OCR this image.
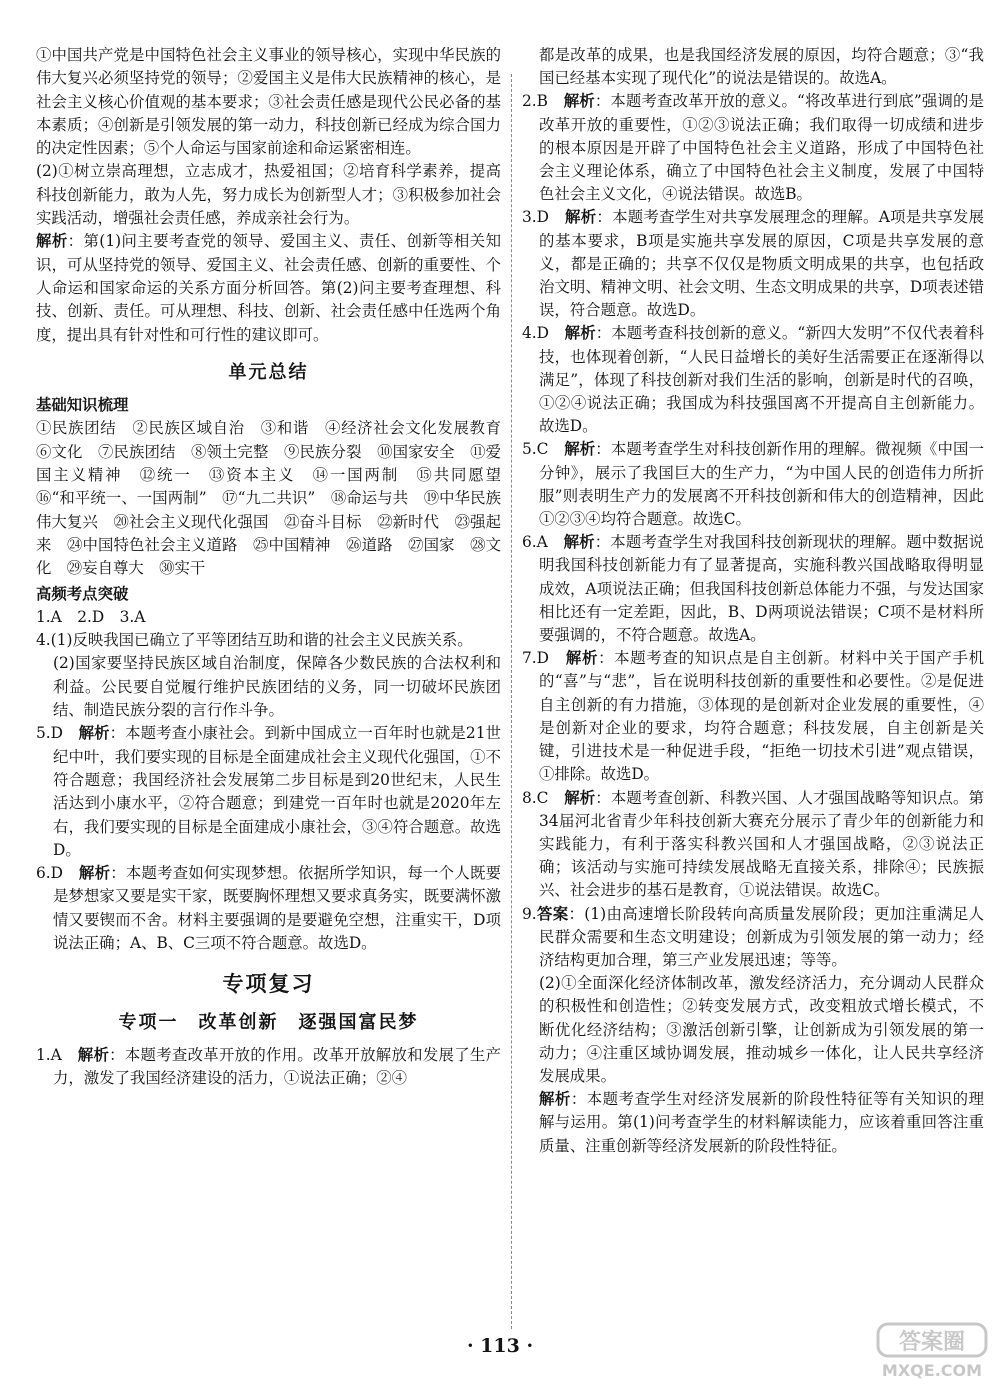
①中国共产党是中国特色社会主义事业的领导核心，实现中华民族的伟大复兴必须坚持党的领导；②爱国主义是伟大民族精神的核心，是社会主义核心价值观的基本要求；③社会责任感是现代公民必备的基本素质；④创新是引领发展的第一动力，科技创新已经成为综合国力的决定性因素；⑤个人命运与国家前途和命运紧密相连。

(2)①树立崇高理想，立志成才，热爱祖国；②培育科学素养，提高科技创新能力，敢为人先，努力成长为创新型人才；③积极参加社会实践活动，增强社会责任感，养成亲社会行为。

解析：第(1)问主要考查党的领导、爱国主义、责任、创新等相关知识，可从坚持党的领导、爱国主义、社会责任感、创新的重要性、个人命运和国家命运的关系方面分析回答。第(2)问主要考查理想、科技、创新、责任。可从理想、科技、创新、社会责任感中任选两个角度，提出具有针对性和可行性的建议即可。

单元总结
基础知识梳理

①民族团结　②民族区域自治　③和谐　④经济社会文化发展教育　⑥文化　⑦民族团结　⑧领土完整　⑨民族分裂　⑩国家安全　⑪爱国主义精神　⑫统一　⑬资本主义　⑭一国两制　⑮共同愿望　⑯“和平统一、一国两制”　⑰“九二共识”　⑱命运与共　⑲中华民族伟大复兴　⑳社会主义现代化强国　㉑奋斗目标　㉒新时代　㉓强起来　㉔中国特色社会主义道路　㉕中国精神　㉖道路　㉗国家　㉘文化　㉙妄自尊大　㉚实干

高频考点突破

1.A　2.D　3.A

4.(1)反映我国已确立了平等团结互助和谐的社会主义民族关系。

(2)国家要坚持民族区域自治制度，保障各少数民族的合法权利和利益。公民要自觉履行维护民族团结的义务，同一切破坏民族团结、制造民族分裂的言行作斗争。

5.D　解析：本题考查小康社会。到新中国成立一百年时也就是21世纪中叶，我们要实现的目标是全面建成社会主义现代化强国，①不符合题意；我国经济社会发展第二步目标是到20世纪末，人民生活达到小康水平，②符合题意；到建党一百年时也就是2020年左右，我们要实现的目标是全面建成小康社会，③④符合题意。故选D。

6.D　解析：本题考查如何实现梦想。依据所学知识，每一个人既要是梦想家又要是实干家，既要胸怀理想又要求真务实，既要满怀激情又要锲而不舍。材料主要强调的是要避免空想，注重实干，D项说法正确；A、B、C三项不符合题意。故选D。

专项复习
专项一　改革创新　逐强国富民梦

1.A　解析：本题考查改革开放的作用。改革开放解放和发展了生产力，激发了我国经济建设的活力，①说法正确；②④

都是改革的成果，也是我国经济发展的原因，均符合题意；③“我国已经基本实现了现代化”的说法是错误的。故选A。

2.B　解析：本题考查改革开放的意义。“将改革进行到底”强调的是改革开放的重要性，①②③说法正确；我们取得一切成绩和进步的根本原因是开辟了中国特色社会主义道路，形成了中国特色社会主义理论体系，确立了中国特色社会主义制度，发展了中国特色社会主义文化，④说法错误。故选B。

3.D　解析：本题考查学生对共享发展理念的理解。A项是共享发展的基本要求，B项是实施共享发展的原因，C项是共享发展的意义，都是正确的；共享不仅仅是物质文明成果的共享，也包括政治文明、精神文明、社会文明、生态文明成果的共享，D项表述错误，符合题意。故选D。

4.D　解析：本题考查科技创新的意义。“新四大发明”不仅代表着科技，也体现着创新，“人民日益增长的美好生活需要正在逐渐得以满足”，体现了科技创新对我们生活的影响，创新是时代的召唤，①②④说法正确；我国成为科技强国离不开提高自主创新能力。故选D。

5.C　解析：本题考查学生对科技创新作用的理解。微视频《中国一分钟》，展示了我国巨大的生产力，“为中国人民的创造伟力所折服”则表明生产力的发展离不开科技创新和伟大的创造精神，因此①②③④均符合题意。故选C。

6.A　解析：本题考查学生对我国科技创新现状的理解。题中数据说明我国科技创新能力有了显著提高，实施科教兴国战略取得明显成效，A项说法正确；但我国科技创新总体能力不强，与发达国家相比还有一定差距，因此，B、D两项说法错误；C项不是材料所要强调的，不符合题意。故选A。

7.D　解析：本题考查的知识点是自主创新。材料中关于国产手机的“喜”与“悲”，旨在说明科技创新的重要性和必要性。②是促进自主创新的有力措施，③体现的是创新对企业发展的重要性，④是创新对企业的要求，均符合题意；科技发展，自主创新是关键，引进技术是一种促进手段，“拒绝一切技术引进”观点错误，①排除。故选D。

8.C　解析：本题考查创新、科教兴国、人才强国战略等知识点。第34届河北省青少年科技创新大赛充分展示了青少年的创新能力和实践能力，有利于落实科教兴国和人才强国战略，②③说法正确；该活动与实施可持续发展战略无直接关系，排除④；民族振兴、社会进步的基石是教育，①说法错误。故选C。

9.答案：(1)由高速增长阶段转向高质量发展阶段；更加注重满足人民群众需要和生态文明建设；创新成为引领发展的第一动力；经济结构更加合理，第三产业发展迅速；等等。

(2)①全面深化经济体制改革，激发经济活力，充分调动人民群众的积极性和创造性；②转变发展方式，改变粗放式增长模式，不断优化经济结构；③激活创新引擎，让创新成为引领发展的第一动力；④注重区域协调发展，推动城乡一体化，让人民共享经济发展成果。

解析：本题考查学生对经济发展新的阶段性特征等有关知识的理解与运用。第(1)问考查学生的材料解读能力，应该着重回答注重质量、注重创新等经济发展新的阶段性特征。

· 113 ·	答案圈
MXQE.COM
